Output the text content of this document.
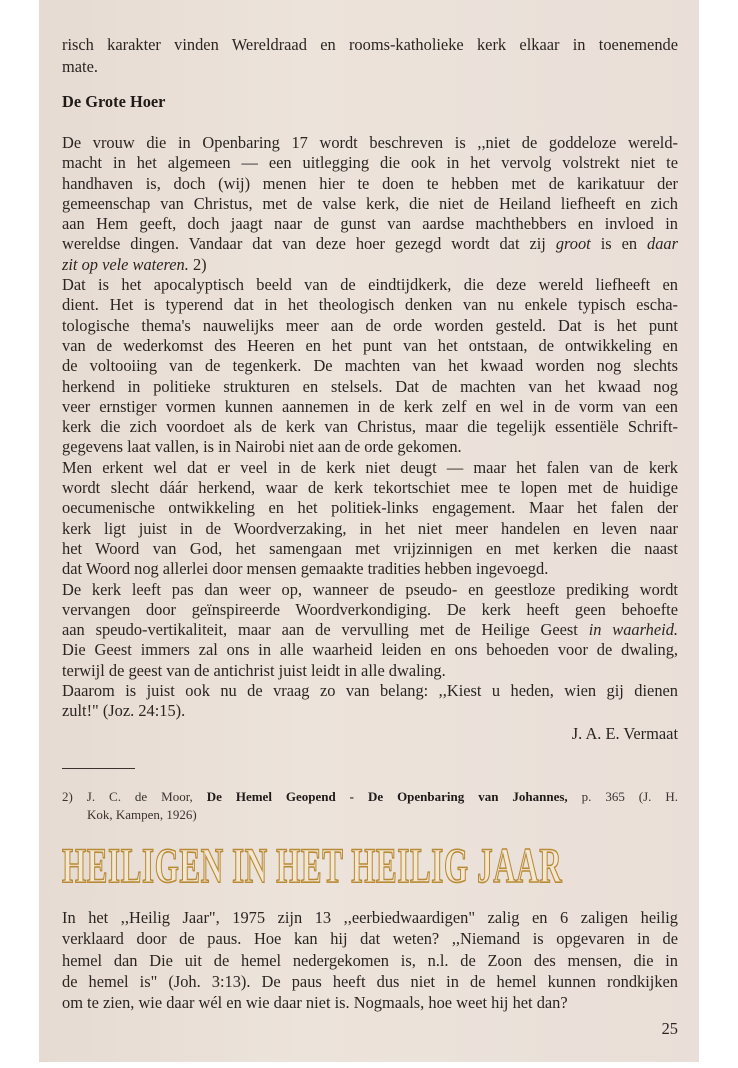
risch karakter vinden Wereldraad en rooms-katholieke kerk elkaar in toenemende
mate.
De Grote Hoer
De vrouw die in Openbaring 17 wordt beschreven is ,,niet de goddeloze wereld-
macht in het algemeen — een uitlegging die ook in het vervolg volstrekt niet te
handhaven is, doch (wij) menen hier te doen te hebben met de karikatuur der
gemeenschap van Christus, met de valse kerk, die niet de Heiland liefheeft en zich
aan Hem geeft, doch jaagt naar de gunst van aardse machthebbers en invloed in
wereldse dingen. Vandaar dat van deze hoer gezegd wordt dat zij groot is en daar
zit op vele wateren. 2)
Dat is het apocalyptisch beeld van de eindtijdkerk, die deze wereld liefheeft en
dient. Het is typerend dat in het theologisch denken van nu enkele typisch escha-
tologische thema's nauwelijks meer aan de orde worden gesteld. Dat is het punt
van de wederkomst des Heeren en het punt van het ontstaan, de ontwikkeling en
de voltooiing van de tegenkerk. De machten van het kwaad worden nog slechts
herkend in politieke strukturen en stelsels. Dat de machten van het kwaad nog
veer ernstiger vormen kunnen aannemen in de kerk zelf en wel in de vorm van een
kerk die zich voordoet als de kerk van Christus, maar die tegelijk essentiële Schrift-
gegevens laat vallen, is in Nairobi niet aan de orde gekomen.
Men erkent wel dat er veel in de kerk niet deugt — maar het falen van de kerk
wordt slecht dáár herkend, waar de kerk tekortschiet mee te lopen met de huidige
oecumenische ontwikkeling en het politiek-links engagement. Maar het falen der
kerk ligt juist in de Woordverzaking, in het niet meer handelen en leven naar
het Woord van God, het samengaan met vrijzinnigen en met kerken die naast
dat Woord nog allerlei door mensen gemaakte tradities hebben ingevoegd.
De kerk leeft pas dan weer op, wanneer de pseudo- en geestloze prediking wordt
vervangen door geïnspireerde Woordverkondiging. De kerk heeft geen behoefte
aan speudo-vertikaliteit, maar aan de vervulling met de Heilige Geest in waarheid.
Die Geest immers zal ons in alle waarheid leiden en ons behoeden voor de dwaling,
terwijl de geest van de antichrist juist leidt in alle dwaling.
Daarom is juist ook nu de vraag zo van belang: ,,Kiest u heden, wien gij dienen
zult!" (Joz. 24:15).
J. A. E. Vermaat
2) J. C. de Moor, De Hemel Geopend - De Openbaring van Johannes, p. 365 (J. H.
Kok, Kampen, 1926)
HEILIGEN IN HET HEILIG JAAR
In het ,,Heilig Jaar", 1975 zijn 13 ,,eerbiedwaardigen" zalig en 6 zaligen heilig
verklaard door de paus. Hoe kan hij dat weten? ,,Niemand is opgevaren in de
hemel dan Die uit de hemel nedergekomen is, n.l. de Zoon des mensen, die in
de hemel is" (Joh. 3:13). De paus heeft dus niet in de hemel kunnen rondkijken
om te zien, wie daar wél en wie daar niet is. Nogmaals, hoe weet hij het dan?
25
